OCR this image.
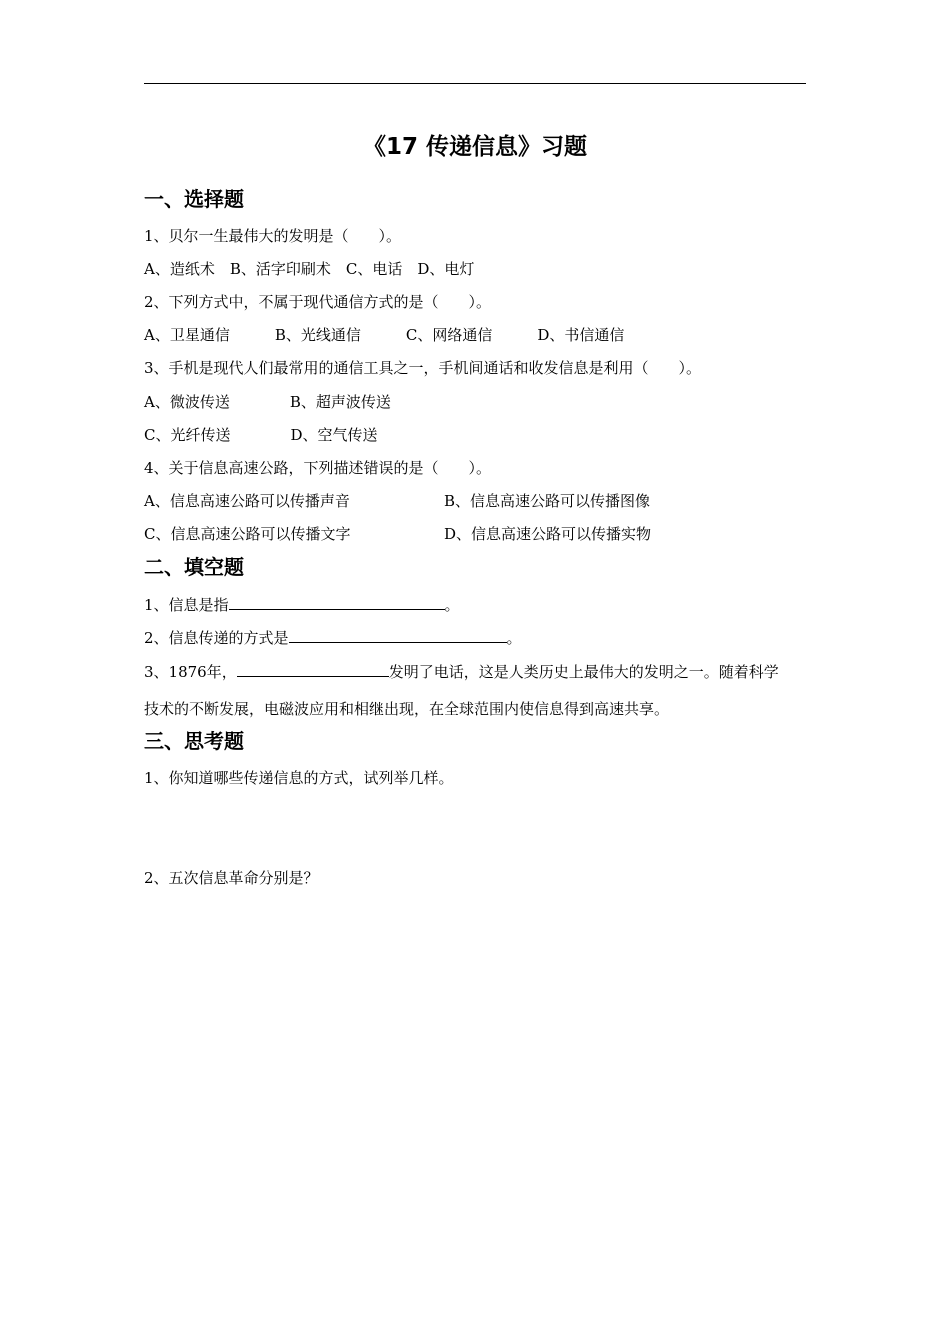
《17 传递信息》习题
一、选择题
1、贝尔一生最伟大的发明是（　　）。
A、造纸术　B、活字印刷术　C、电话　D、电灯
2、下列方式中，不属于现代通信方式的是（　　）。
A、卫星通信　　　B、光线通信　　　C、网络通信　　　D、书信通信
3、手机是现代人们最常用的通信工具之一，手机间通话和收发信息是利用（　　）。
A、微波传送　　　　B、超声波传送
C、光纤传送　　　　D、空气传送
4、关于信息高速公路，下列描述错误的是（　　）。
A、信息高速公路可以传播声音	B、信息高速公路可以传播图像
C、信息高速公路可以传播文字	D、信息高速公路可以传播实物
二、填空题
1、信息是指	。
2、信息传递的方式是	。
3、1876年，	发明了电话，这是人类历史上最伟大的发明之一。随着科学
技术的不断发展，电磁波应用和相继出现，在全球范围内使信息得到高速共享。
三、思考题
1、你知道哪些传递信息的方式，试列举几样。
2、五次信息革命分别是？
